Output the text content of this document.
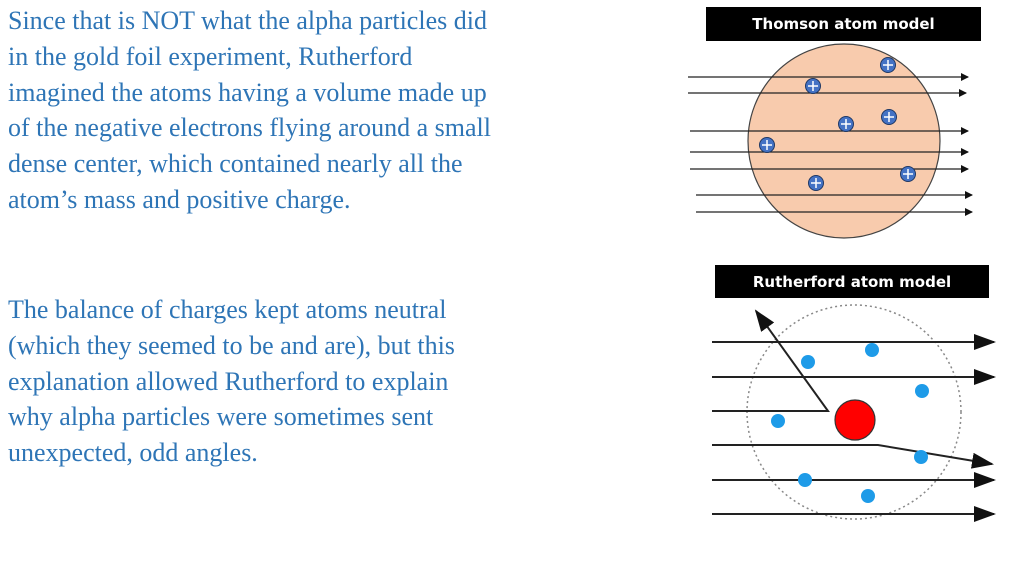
Since that is NOT what the alpha particles did in the gold foil experiment, Rutherford imagined the atoms having a volume made up of the negative electrons flying around a small dense center, which contained nearly all the atom’s mass and positive charge.

The balance of charges kept atoms neutral (which they seemed to be and are), but this explanation allowed Rutherford to explain why alpha particles were sometimes sent unexpected, odd angles.

Thomson atom model
Rutherford atom model
